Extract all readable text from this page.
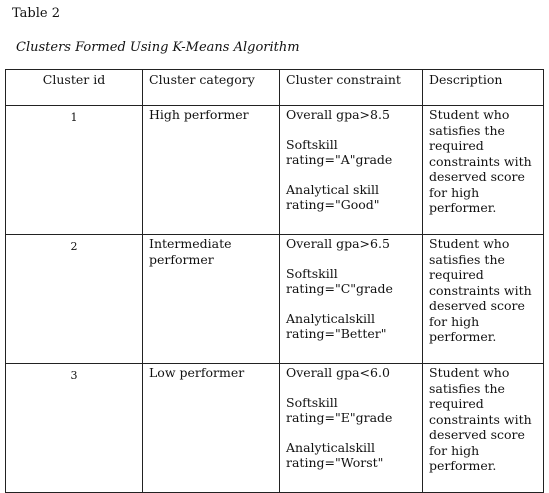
Table 2
Clusters Formed Using K-Means Algorithm
Cluster id	Cluster category	Cluster constraint	Description
1	High performer	Overall gpa>8.5
Softskill
rating="A"grade
Analytical skill
rating="Good"	Student who satisfies the required constraints with deserved score for high performer.
2	Intermediate performer	Overall gpa>6.5
Softskill
rating="C"grade
Analyticalskill
rating="Better"	Student who satisfies the required constraints with deserved score for high performer.
3	Low performer	Overall gpa<6.0
Softskill
rating="E"grade
Analyticalskill
rating="Worst"	Student who satisfies the required constraints with deserved score for high performer.
